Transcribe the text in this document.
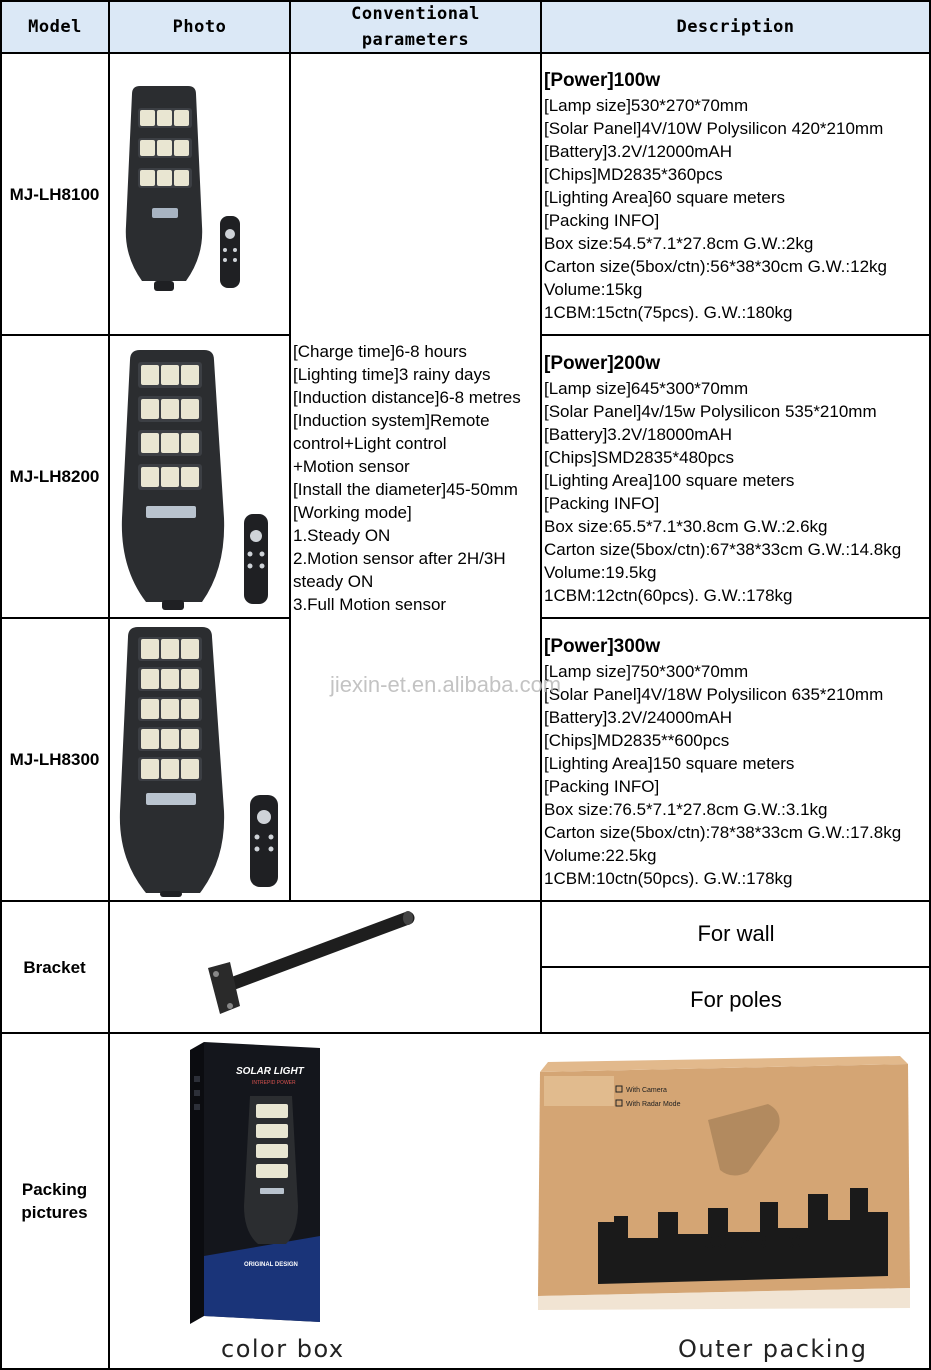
Model	Photo
Conventional
parameters
Description
MJ-LH8100
MJ-LH8200
MJ-LH8300
[Charge time]6-8 hours
[Lighting time]3 rainy days
[Induction distance]6-8 metres
[Induction system]Remote
control+Light control
+Motion sensor
[Install the diameter]45-50mm
[Working mode]
1.Steady ON
2.Motion sensor after 2H/3H
steady ON
3.Full Motion sensor
[Power]100w
[Lamp size]530*270*70mm
[Solar Panel]4V/10W Polysilicon 420*210mm
[Battery]3.2V/12000mAH
[Chips]MD2835*360pcs
[Lighting Area]60 square meters
[Packing INFO]
Box size:54.5*7.1*27.8cm G.W.:2kg
Carton size(5box/ctn):56*38*30cm G.W.:12kg
Volume:15kg
1CBM:15ctn(75pcs). G.W.:180kg
[Power]200w
[Lamp size]645*300*70mm
[Solar Panel]4v/15w Polysilicon 535*210mm
[Battery]3.2V/18000mAH
[Chips]SMD2835*480pcs
[Lighting Area]100 square meters
[Packing INFO]
Box size:65.5*7.1*30.8cm G.W.:2.6kg
Carton size(5box/ctn):67*38*33cm G.W.:14.8kg
Volume:19.5kg
1CBM:12ctn(60pcs). G.W.:178kg
[Power]300w
[Lamp size]750*300*70mm
[Solar Panel]4V/18W Polysilicon 635*210mm
[Battery]3.2V/24000mAH
[Chips]MD2835**600pcs
[Lighting Area]150 square meters
[Packing INFO]
Box size:76.5*7.1*27.8cm G.W.:3.1kg
Carton size(5box/ctn):78*38*33cm G.W.:17.8kg
Volume:22.5kg
1CBM:10ctn(50pcs). G.W.:178kg
jiexin-et.en.alibaba.com
Bracket
For wall
For poles
Packing
pictures
SOLAR LIGHT
INTREPID POWER
ORIGINAL DESIGN
color box
With Camera
With Radar Mode
SOLAR LIGHT
Outer packing
